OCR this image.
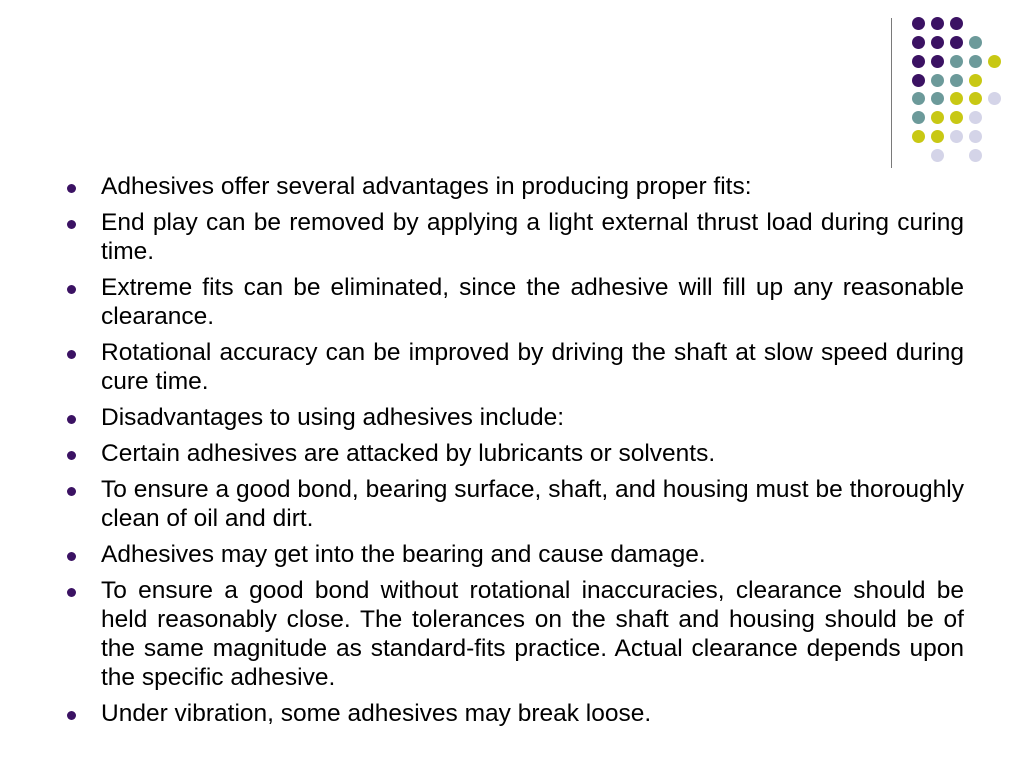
Adhesives offer several advantages in producing proper fits:
End play can be removed by applying a light external thrust load during curing time.
Extreme fits can be eliminated, since the adhesive will fill up any reasonable clearance.
Rotational accuracy can be improved by driving the shaft at slow speed during cure time.
Disadvantages to using adhesives include:
Certain adhesives are attacked by lubricants or solvents.
To ensure a good bond, bearing surface, shaft, and housing must be thoroughly clean of oil and dirt.
Adhesives may get into the bearing and cause damage.
To ensure a good bond without rotational inaccuracies, clearance should be held reasonably close. The tolerances on the shaft and housing should be of the same magnitude as standard-fits practice. Actual clearance depends upon the specific adhesive.
Under vibration, some adhesives may break loose.
